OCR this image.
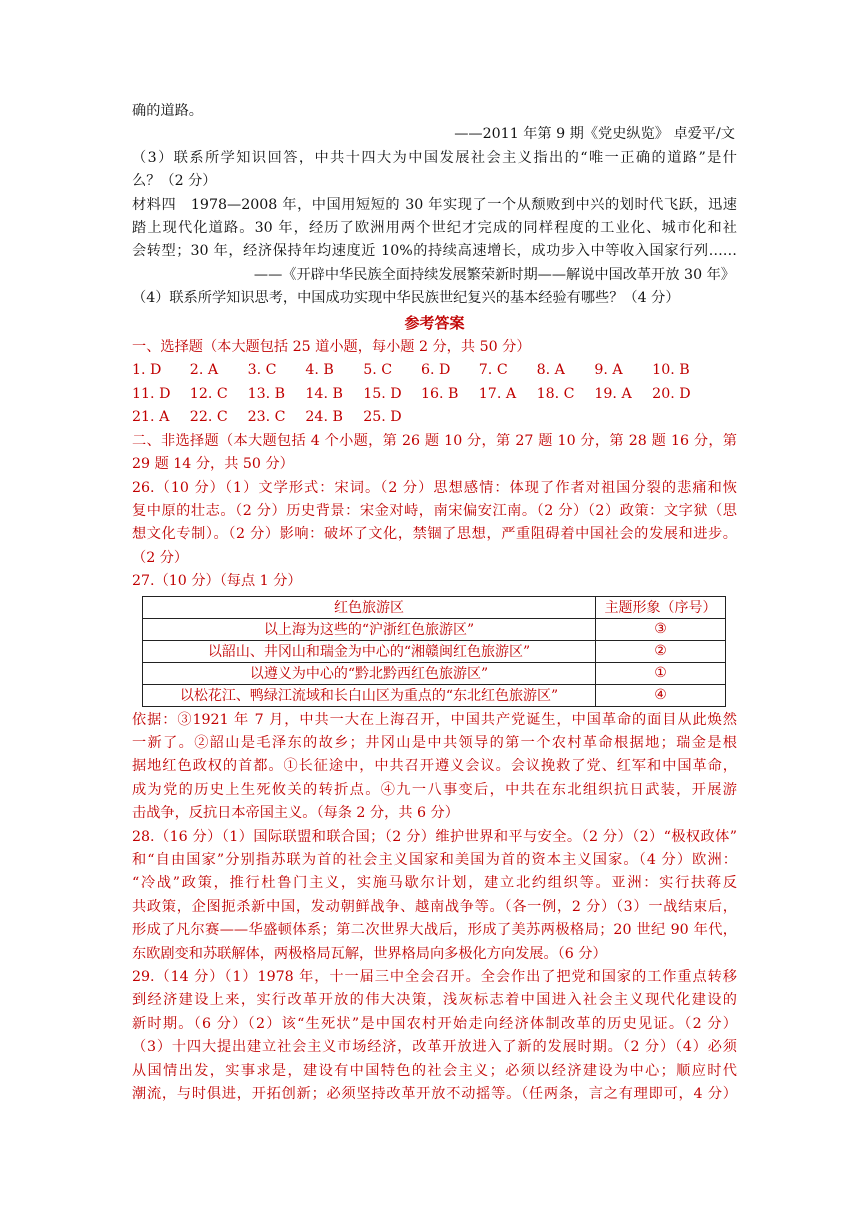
确的道路。
——2011 年第 9 期《党史纵览》 卓爱平/文
（3）联系所学知识回答，中共十四大为中国发展社会主义指出的“唯一正确的道路”是什
么？（2 分）
材料四　1978—2008 年，中国用短短的 30 年实现了一个从颓败到中兴的划时代飞跃，迅速
踏上现代化道路。30 年，经历了欧洲用两个世纪才完成的同样程度的工业化、城市化和社
会转型；30 年，经济保持年均速度近 10%的持续高速增长，成功步入中等收入国家行列……
——《开辟中华民族全面持续发展繁荣新时期——解说中国改革开放 30 年》
（4）联系所学知识思考，中国成功实现中华民族世纪复兴的基本经验有哪些？（4 分）
参考答案
一、选择题（本大题包括 25 道小题，每小题 2 分，共 50 分）
1. D	2. A	3. C	4. B	5. C	6. D	7. C	8. A	9. A	10. B
11. D	12. C	13. B	14. B	15. D	16. B	17. A	18. C	19. A	20. D
21. A	22. C	23. C	24. B	25. D
二、非选择题（本大题包括 4 个小题，第 26 题 10 分，第 27 题 10 分，第 28 题 16 分，第
29 题 14 分，共 50 分）
26.（10 分）（1）文学形式：宋词。（2 分）思想感情：体现了作者对祖国分裂的悲痛和恢
复中原的壮志。（2 分）历史背景：宋金对峙，南宋偏安江南。（2 分）（2）政策：文字狱（思
想文化专制）。（2 分）影响：破坏了文化，禁锢了思想，严重阻碍着中国社会的发展和进步。
（2 分）
27.（10 分）（每点 1 分）
红色旅游区	主题形象（序号）
以上海为这些的“沪浙红色旅游区”	③
以韶山、井冈山和瑞金为中心的“湘赣闽红色旅游区”	②
以遵义为中心的“黔北黔西红色旅游区”	①
以松花江、鸭绿江流域和长白山区为重点的“东北红色旅游区”	④
依据：③1921 年 7 月，中共一大在上海召开，中国共产党诞生，中国革命的面目从此焕然
一新了。②韶山是毛泽东的故乡；井冈山是中共领导的第一个农村革命根据地；瑞金是根
据地红色政权的首都。①长征途中，中共召开遵义会议。会议挽救了党、红军和中国革命，
成为党的历史上生死攸关的转折点。④九一八事变后，中共在东北组织抗日武装，开展游
击战争，反抗日本帝国主义。（每条 2 分，共 6 分）
28.（16 分）（1）国际联盟和联合国；（2 分）维护世界和平与安全。（2 分）（2）“极权政体”
和“自由国家”分别指苏联为首的社会主义国家和美国为首的资本主义国家。（4 分）欧洲：
“冷战”政策，推行杜鲁门主义，实施马歇尔计划，建立北约组织等。亚洲：实行扶蒋反
共政策，企图扼杀新中国，发动朝鲜战争、越南战争等。（各一例，2 分）（3）一战结束后，
形成了凡尔赛——华盛顿体系；第二次世界大战后，形成了美苏两极格局；20 世纪 90 年代，
东欧剧变和苏联解体，两极格局瓦解，世界格局向多极化方向发展。（6 分）
29.（14 分）（1）1978 年，十一届三中全会召开。全会作出了把党和国家的工作重点转移
到经济建设上来，实行改革开放的伟大决策，浅灰标志着中国进入社会主义现代化建设的
新时期。（6 分）（2）该“生死状”是中国农村开始走向经济体制改革的历史见证。（2 分）
（3）十四大提出建立社会主义市场经济，改革开放进入了新的发展时期。（2 分）（4）必须
从国情出发，实事求是，建设有中国特色的社会主义；必须以经济建设为中心；顺应时代
潮流，与时俱进，开拓创新；必须坚持改革开放不动摇等。（任两条，言之有理即可，4 分）
